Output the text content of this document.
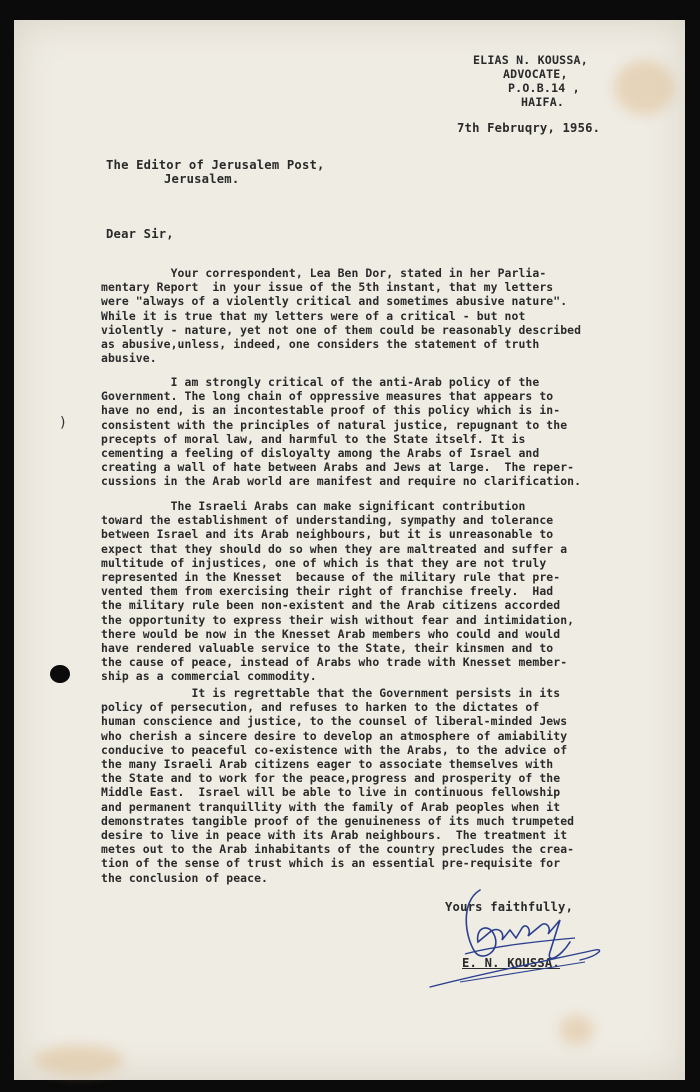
)
ELIAS N. KOUSSA,
ADVOCATE,
P.O.B.14 ,
HAIFA.
7th Februqry, 1956.
The Editor of Jerusalem Post,
Jerusalem.
Dear Sir,
Your correspondent, Lea Ben Dor, stated in her Parlia-
mentary Report  in your issue of the 5th instant, that my letters
were "always of a violently critical and sometimes abusive nature".
While it is true that my letters were of a critical - but not
violently - nature, yet not one of them could be reasonably described
as abusive,unless, indeed, one considers the statement of truth
abusive.
I am strongly critical of the anti-Arab policy of the
Government. The long chain of oppressive measures that appears to
have no end, is an incontestable proof of this policy which is in-
consistent with the principles of natural justice, repugnant to the
precepts of moral law, and harmful to the State itself. It is
cementing a feeling of disloyalty among the Arabs of Israel and
creating a wall of hate between Arabs and Jews at large.  The reper-
cussions in the Arab world are manifest and require no clarification.
The Israeli Arabs can make significant contribution
toward the establishment of understanding, sympathy and tolerance
between Israel and its Arab neighbours, but it is unreasonable to
expect that they should do so when they are maltreated and suffer a
multitude of injustices, one of which is that they are not truly
represented in the Knesset  because of the military rule that pre-
vented them from exercising their right of franchise freely.  Had
the military rule been non-existent and the Arab citizens accorded
the opportunity to express their wish without fear and intimidation,
there would be now in the Knesset Arab members who could and would
have rendered valuable service to the State, their kinsmen and to
the cause of peace, instead of Arabs who trade with Knesset member-
ship as a commercial commodity.
It is regrettable that the Government persists in its
policy of persecution, and refuses to harken to the dictates of
human conscience and justice, to the counsel of liberal-minded Jews
who cherish a sincere desire to develop an atmosphere of amiability
conducive to peaceful co-existence with the Arabs, to the advice of
the many Israeli Arab citizens eager to associate themselves with
the State and to work for the peace,progress and prosperity of the
Middle East.  Israel will be able to live in continuous fellowship
and permanent tranquillity with the family of Arab peoples when it
demonstrates tangible proof of the genuineness of its much trumpeted
desire to live in peace with its Arab neighbours.  The treatment it
metes out to the Arab inhabitants of the country precludes the crea-
tion of the sense of trust which is an essential pre-requisite for
the conclusion of peace.
Yours faithfully,
E. N. KOUSSA.
